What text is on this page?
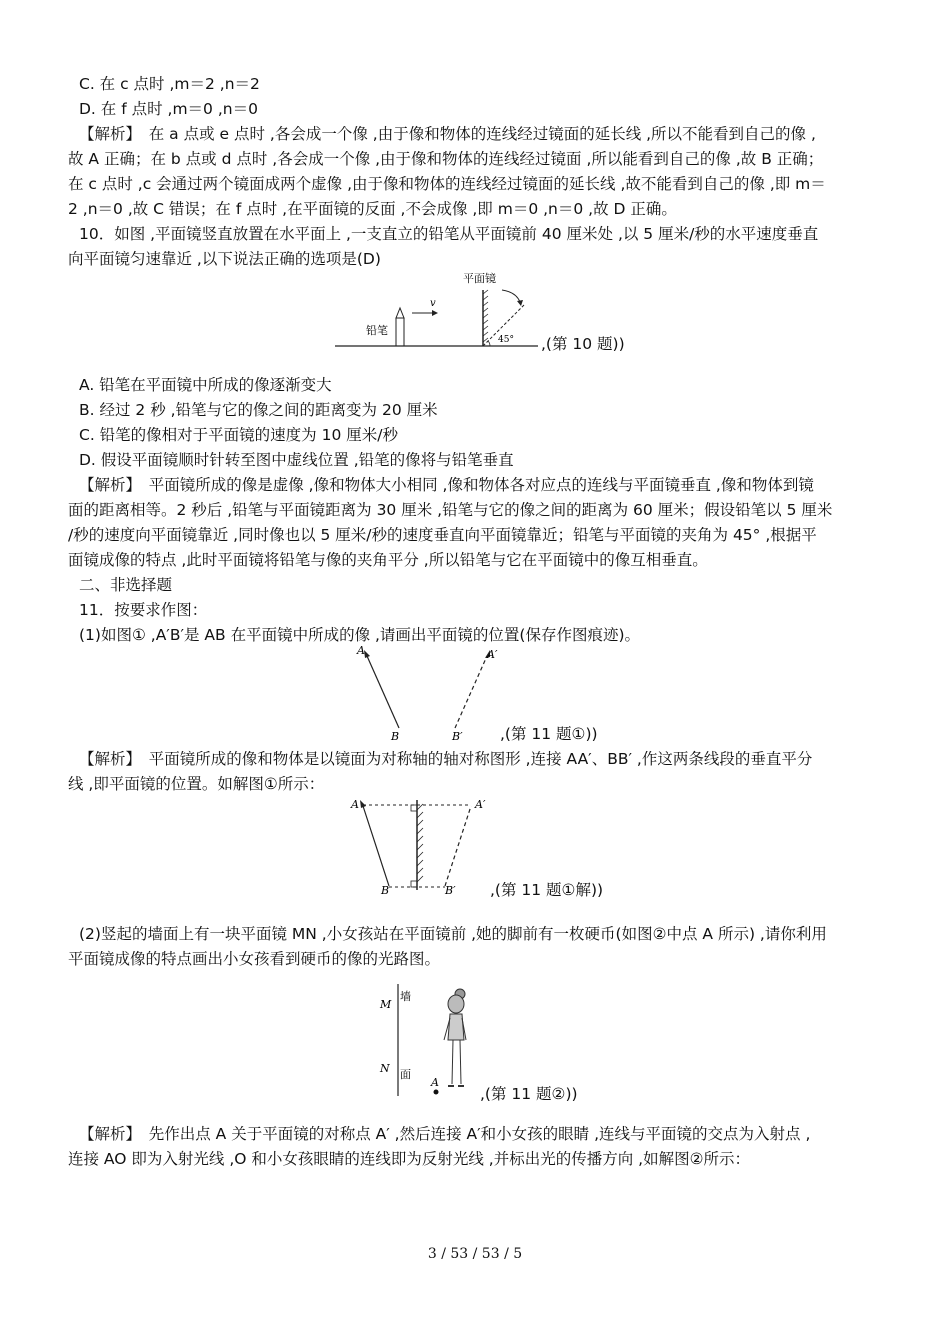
C. 在 c 点时 ,m＝2 ,n＝2
D. 在 f 点时 ,m＝0 ,n＝0
【解析】　在 a 点或 e 点时 ,各会成一个像 ,由于像和物体的连线经过镜面的延长线 ,所以不能看到自己的像 ,
故 A 正确；在 b 点或 d 点时 ,各会成一个像 ,由于像和物体的连线经过镜面 ,所以能看到自己的像 ,故 B 正确；
在 c 点时 ,c 会通过两个镜面成两个虚像 ,由于像和物体的连线经过镜面的延长线 ,故不能看到自己的像 ,即 m＝
2 ,n＝0 ,故 C 错误；在 f 点时 ,在平面镜的反面 ,不会成像 ,即 m＝0 ,n＝0 ,故 D 正确。
10．如图 ,平面镜竖直放置在水平面上 ,一支直立的铅笔从平面镜前 40 厘米处 ,以 5 厘米/秒的水平速度垂直
向平面镜匀速靠近 ,以下说法正确的选项是(D)
铅笔
v
平面镜
45° ,(第 10 题))
A. 铅笔在平面镜中所成的像逐渐变大
B. 经过 2 秒 ,铅笔与它的像之间的距离变为 20 厘米
C. 铅笔的像相对于平面镜的速度为 10 厘米/秒
D. 假设平面镜顺时针转至图中虚线位置 ,铅笔的像将与铅笔垂直
【解析】　平面镜所成的像是虚像 ,像和物体大小相同 ,像和物体各对应点的连线与平面镜垂直 ,像和物体到镜
面的距离相等。2 秒后 ,铅笔与平面镜距离为 30 厘米 ,铅笔与它的像之间的距离为 60 厘米；假设铅笔以 5 厘米
/秒的速度向平面镜靠近 ,同时像也以 5 厘米/秒的速度垂直向平面镜靠近；铅笔与平面镜的夹角为 45° ,根据平
面镜成像的特点 ,此时平面镜将铅笔与像的夹角平分 ,所以铅笔与它在平面镜中的像互相垂直。
二、非选择题
11．按要求作图：
(1)如图① ,A′B′是 AB 在平面镜中所成的像 ,请画出平面镜的位置(保存作图痕迹)。
A
B
A′
B′ ,(第 11 题①))
【解析】　平面镜所成的像和物体是以镜面为对称轴的轴对称图形 ,连接 AA′、BB′ ,作这两条线段的垂直平分
线 ,即平面镜的位置。如解图①所示：
A
B
A′
B′ ,(第 11 题①解))
(2)竖起的墙面上有一块平面镜 MN ,小女孩站在平面镜前 ,她的脚前有一枚硬币(如图②中点 A 所示) ,请你利用
平面镜成像的特点画出小女孩看到硬币的像的光路图。
M
N
墙
面
A
,(第 11 题②))
【解析】　先作出点 A 关于平面镜的对称点 A′ ,然后连接 A′和小女孩的眼睛 ,连线与平面镜的交点为入射点 ,
连接 AO 即为入射光线 ,O 和小女孩眼睛的连线即为反射光线 ,并标出光的传播方向 ,如解图②所示：
3 / 53 / 53 / 5
